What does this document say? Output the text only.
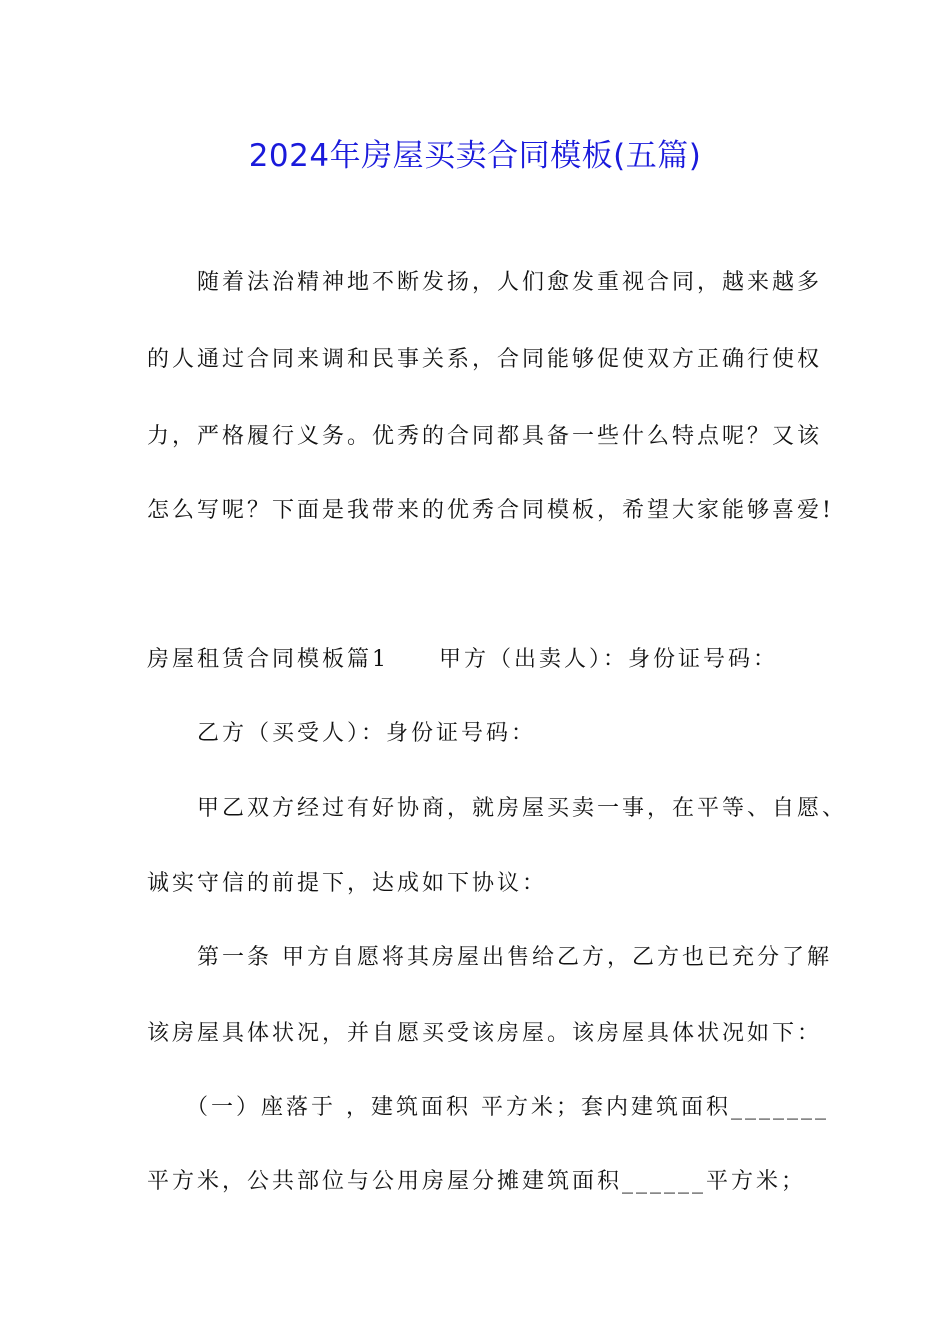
2024年房屋买卖合同模板(五篇)

　　随着法治精神地不断发扬，人们愈发重视合同，越来越多

的人通过合同来调和民事关系，合同能够促使双方正确行使权

力，严格履行义务。优秀的合同都具备一些什么特点呢？又该

怎么写呢？下面是我带来的优秀合同模板，希望大家能够喜爱!

房屋租赁合同模板篇1　　甲方（出卖人）：身份证号码：

　　乙方（买受人）：身份证号码：

　　甲乙双方经过有好协商，就房屋买卖一事，在平等、自愿、

诚实守信的前提下，达成如下协议：

　　第一条 甲方自愿将其房屋出售给乙方，乙方也已充分了解

该房屋具体状况，并自愿买受该房屋。该房屋具体状况如下：

　　（一）座落于 ，建筑面积 平方米；套内建筑面积_______

平方米，公共部位与公用房屋分摊建筑面积______平方米；
